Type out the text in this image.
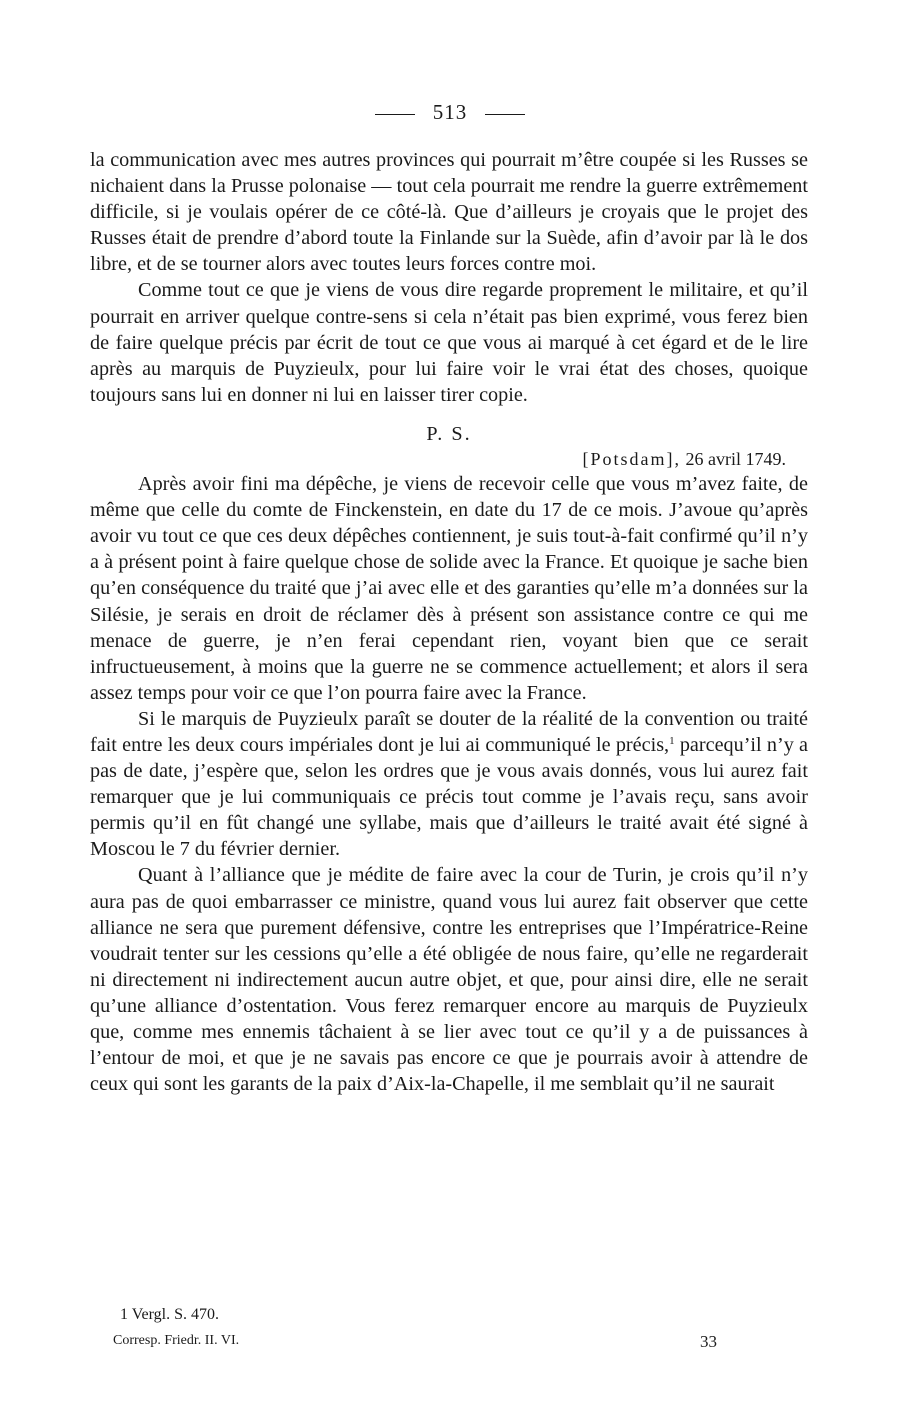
513

la communication avec mes autres provinces qui pourrait m’être coupée si les Russes se nichaient dans la Prusse polonaise — tout cela pourrait me rendre la guerre extrêmement difficile, si je voulais opérer de ce côté-là. Que d’ailleurs je croyais que le projet des Russes était de prendre d’abord toute la Finlande sur la Suède, afin d’avoir par là le dos libre, et de se tourner alors avec toutes leurs forces contre moi.

Comme tout ce que je viens de vous dire regarde proprement le militaire, et qu’il pourrait en arriver quelque contre-sens si cela n’était pas bien exprimé, vous ferez bien de faire quelque précis par écrit de tout ce que vous ai marqué à cet égard et de le lire après au marquis de Puyzieulx, pour lui faire voir le vrai état des choses, quoique toujours sans lui en donner ni lui en laisser tirer copie.

P. S.

[Potsdam], 26 avril 1749.

Après avoir fini ma dépêche, je viens de recevoir celle que vous m’avez faite, de même que celle du comte de Finckenstein, en date du 17 de ce mois. J’avoue qu’après avoir vu tout ce que ces deux dépêches contiennent, je suis tout-à-fait confirmé qu’il n’y a à présent point à faire quelque chose de solide avec la France. Et quoique je sache bien qu’en conséquence du traité que j’ai avec elle et des garanties qu’elle m’a données sur la Silésie, je serais en droit de réclamer dès à présent son assistance contre ce qui me menace de guerre, je n’en ferai cependant rien, voyant bien que ce serait infructueusement, à moins que la guerre ne se commence actuellement; et alors il sera assez temps pour voir ce que l’on pourra faire avec la France.

Si le marquis de Puyzieulx paraît se douter de la réalité de la convention ou traité fait entre les deux cours impériales dont je lui ai communiqué le précis,$^1$ parcequ’il n’y a pas de date, j’espère que, selon les ordres que je vous avais donnés, vous lui aurez fait remarquer que je lui communiquais ce précis tout comme je l’avais reçu, sans avoir permis qu’il en fût changé une syllabe, mais que d’ailleurs le traité avait été signé à Moscou le 7 du février dernier.

Quant à l’alliance que je médite de faire avec la cour de Turin, je crois qu’il n’y aura pas de quoi embarrasser ce ministre, quand vous lui aurez fait observer que cette alliance ne sera que purement défensive, contre les entreprises que l’Impératrice-Reine voudrait tenter sur les cessions qu’elle a été obligée de nous faire, qu’elle ne regarderait ni directement ni indirectement aucun autre objet, et que, pour ainsi dire, elle ne serait qu’une alliance d’ostentation. Vous ferez remarquer encore au marquis de Puyzieulx que, comme mes ennemis tâchaient à se lier avec tout ce qu’il y a de puissances à l’entour de moi, et que je ne savais pas encore ce que je pourrais avoir à attendre de ceux qui sont les garants de la paix d’Aix-la-Chapelle, il me semblait qu’il ne saurait

1 Vergl. S. 470.
Corresp. Friedr. II. VI.	33
